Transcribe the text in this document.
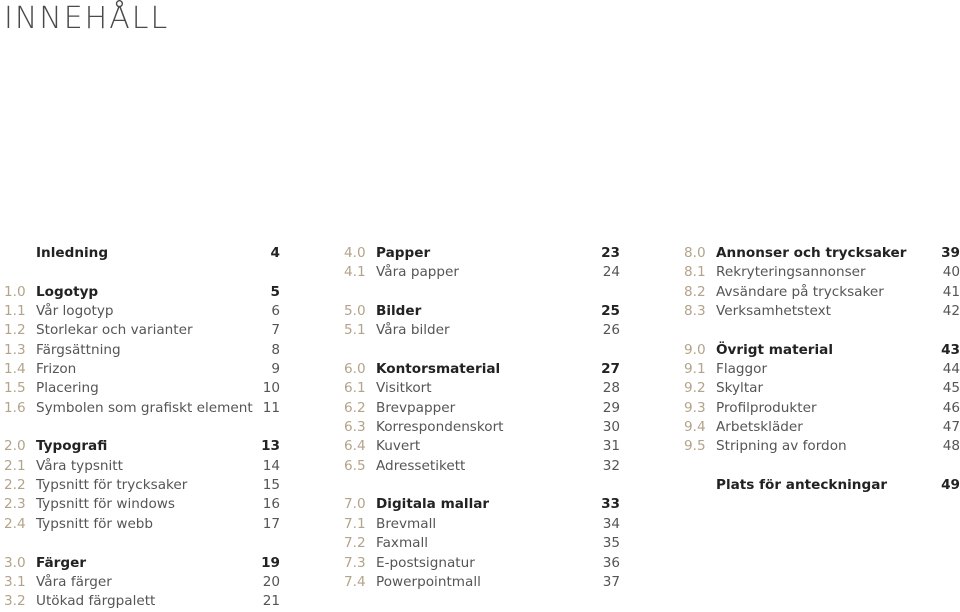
INNEHÅLL
Inledning	4
1.0 Logotyp	5
1.1 Vår logotyp	6
1.2 Storlekar och varianter	7
1.3 Färgsättning	8
1.4 Frizon	9
1.5 Placering	10
1.6 Symbolen som grafiskt element 11
2.0 Typografi	13
2.1 Våra typsnitt	14
2.2 Typsnitt för trycksaker	15
2.3 Typsnitt för windows	16
2.4 Typsnitt för webb	17
3.0 Färger	19
3.1 Våra färger	20
3.2 Utökad färgpalett	21
4.0 Papper	23
4.1 Våra papper	24
5.0 Bilder	25
5.1 Våra bilder	26
6.0 Kontorsmaterial	27
6.1 Visitkort	28
6.2 Brevpapper	29
6.3 Korrespondenskort	30
6.4 Kuvert	31
6.5 Adressetikett	32
7.0 Digitala mallar	33
7.1 Brevmall	34
7.2 Faxmall	35
7.3 E-postsignatur	36
7.4 Powerpointmall	37
8.0 Annonser och trycksaker	39
8.1 Rekryteringsannonser	40
8.2 Avsändare på trycksaker	41
8.3 Verksamhetstext	42
9.0 Övrigt material	43
9.1 Flaggor	44
9.2 Skyltar	45
9.3 Profilprodukter	46
9.4 Arbetskläder	47
9.5 Stripning av fordon	48
Plats för anteckningar	49
